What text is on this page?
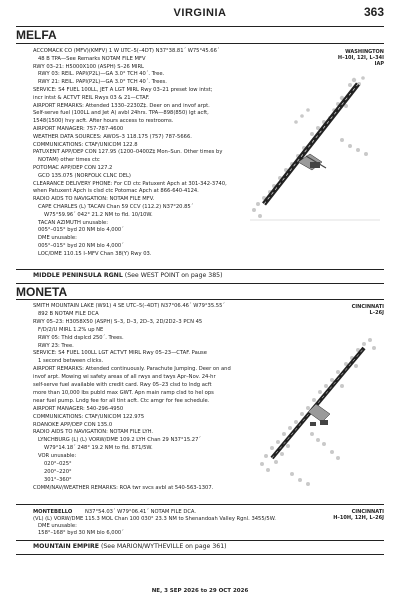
VIRGINIA	363
MELFA
ACCOMACK CO (MFV)(KMFV) 1 W UTC–5(–4DT) N37°38.81´ W75°45.66´
48 B TPA—See Remarks NOTAM FILE MFV
RWY 03–21: H5000X100 (ASPH) S–26 MIRL
RWY 03: REIL. PAPI(P2L)—GA 3.0° TCH 40´. Tree.
RWY 21: REIL. PAPI(P2L)—GA 3.0° TCH 40´. Trees.
SERVICE: S4 FUEL 100LL, JET A LGT MIRL Rwy 03–21 preset low intst;
incr intst & ACTVT REIL Rwys 03 & 21—CTAF.
AIRPORT REMARKS: Attended 1330–2230Z‡. Deer on and invof arpt.
Self-serve fuel (100LL and Jet A) avbl 24hrs. TPA—898(850) lgt acft,
1548(1500) hvy acft. After hours access to restrooms.
AIRPORT MANAGER: 757-787-4600
WEATHER DATA SOURCES: AWOS–3 118.175 (757) 787-5666.
COMMUNICATIONS: CTAF/UNICOM 122.8
PATUXENT APP/DEP CON 127.95 (1200–0400Z‡ Mon–Sun. Other times by
NOTAM) other times ctc
POTOMAC APP/DEP CON 127.2
GCO 135.075 (NORFOLK CLNC DEL)
CLEARANCE DELIVERY PHONE: For CD ctc Patuxent Apch at 301-342-3740,
when Patuxent Apch is clsd ctc Potomac Apch at 866-640-4124.
RADIO AIDS TO NAVIGATION: NOTAM FILE MFV.
CAPE CHARLES (L) TACAN Chan 59 CCV (112.2) N37°20.85´
W75°59.96´ 042° 21.2 NM to fld. 10/10W.
TACAN AZIMUTH unusable:
005°–015° byd 20 NM blo 4,000´
DME unusable:
005°–015° byd 20 NM blo 4,000´
LOC/DME 110.15 I–MFV Chan 38(Y) Rwy 03.
WASHINGTON
H–10I, 12I, L–34I
IAP
MIDDLE PENINSULA RGNL (See WEST POINT on page 385)
MONETA
SMITH MOUNTAIN LAKE (W91) 4 SE UTC–5(–4DT) N37°06.46´ W79°35.55´
892 B NOTAM FILE DCA
RWY 05–23: H3058X50 (ASPH) S–3, D–3, 2D–3, 2D/2D2–3 PCN 45
F/D/2/U MIRL 1.2% up NE
RWY 05: Thld dsplcd 250´. Trees.
RWY 23: Tree.
SERVICE: S4 FUEL 100LL LGT ACTVT MIRL Rwy 05–23—CTAF. Pause
1 second between clicks.
AIRPORT REMARKS: Attended continuously. Parachute Jumping. Deer on and
invof arpt. Mowing wi safety areas of all rwys and twys Apr–Nov. 24-hr
self-serve fuel available with credit card. Rwy 05–23 clsd to lndg acft
more than 10,000 lbs publd max GWT. Apn main ramp clsd to hel ops
near fuel pump. Lndg fee for all tint acft. Ctc amgr for fee schedule.
AIRPORT MANAGER: 540-296-4950
COMMUNICATIONS: CTAF/UNICOM 122.975
ROANOKE APP/DEP CON 135.0
RADIO AIDS TO NAVIGATION: NOTAM FILE LYH.
LYNCHBURG (L) (L) VORW/DME 109.2 LYH Chan 29 N37°15.27´
W79°14.18´ 248° 19.2 NM to fld. 871/5W.
VOR unusable:
020°–025°
200°–220°
301°–360°
COMM/NAV/WEATHER REMARKS: ROA twr svcs avbl at 540-563-1307.
CINCINNATI
L–26J
MONTEBELLO	CINCINNATI
H–10H, 12H, L–26J
N37°54.03´ W79°06.41´ NOTAM FILE DCA.
(VL) (L) VORW/DME 115.3 MOL Chan 100 030° 23.3 NM to Shenandoah Valley Rgnl. 3455/5W.
DME unusable:
158°–168° byd 30 NM blo 6,000´
MOUNTAIN EMPIRE (See MARION/WYTHEVILLE on page 361)
NE, 3 SEP 2026 to 29 OCT 2026
